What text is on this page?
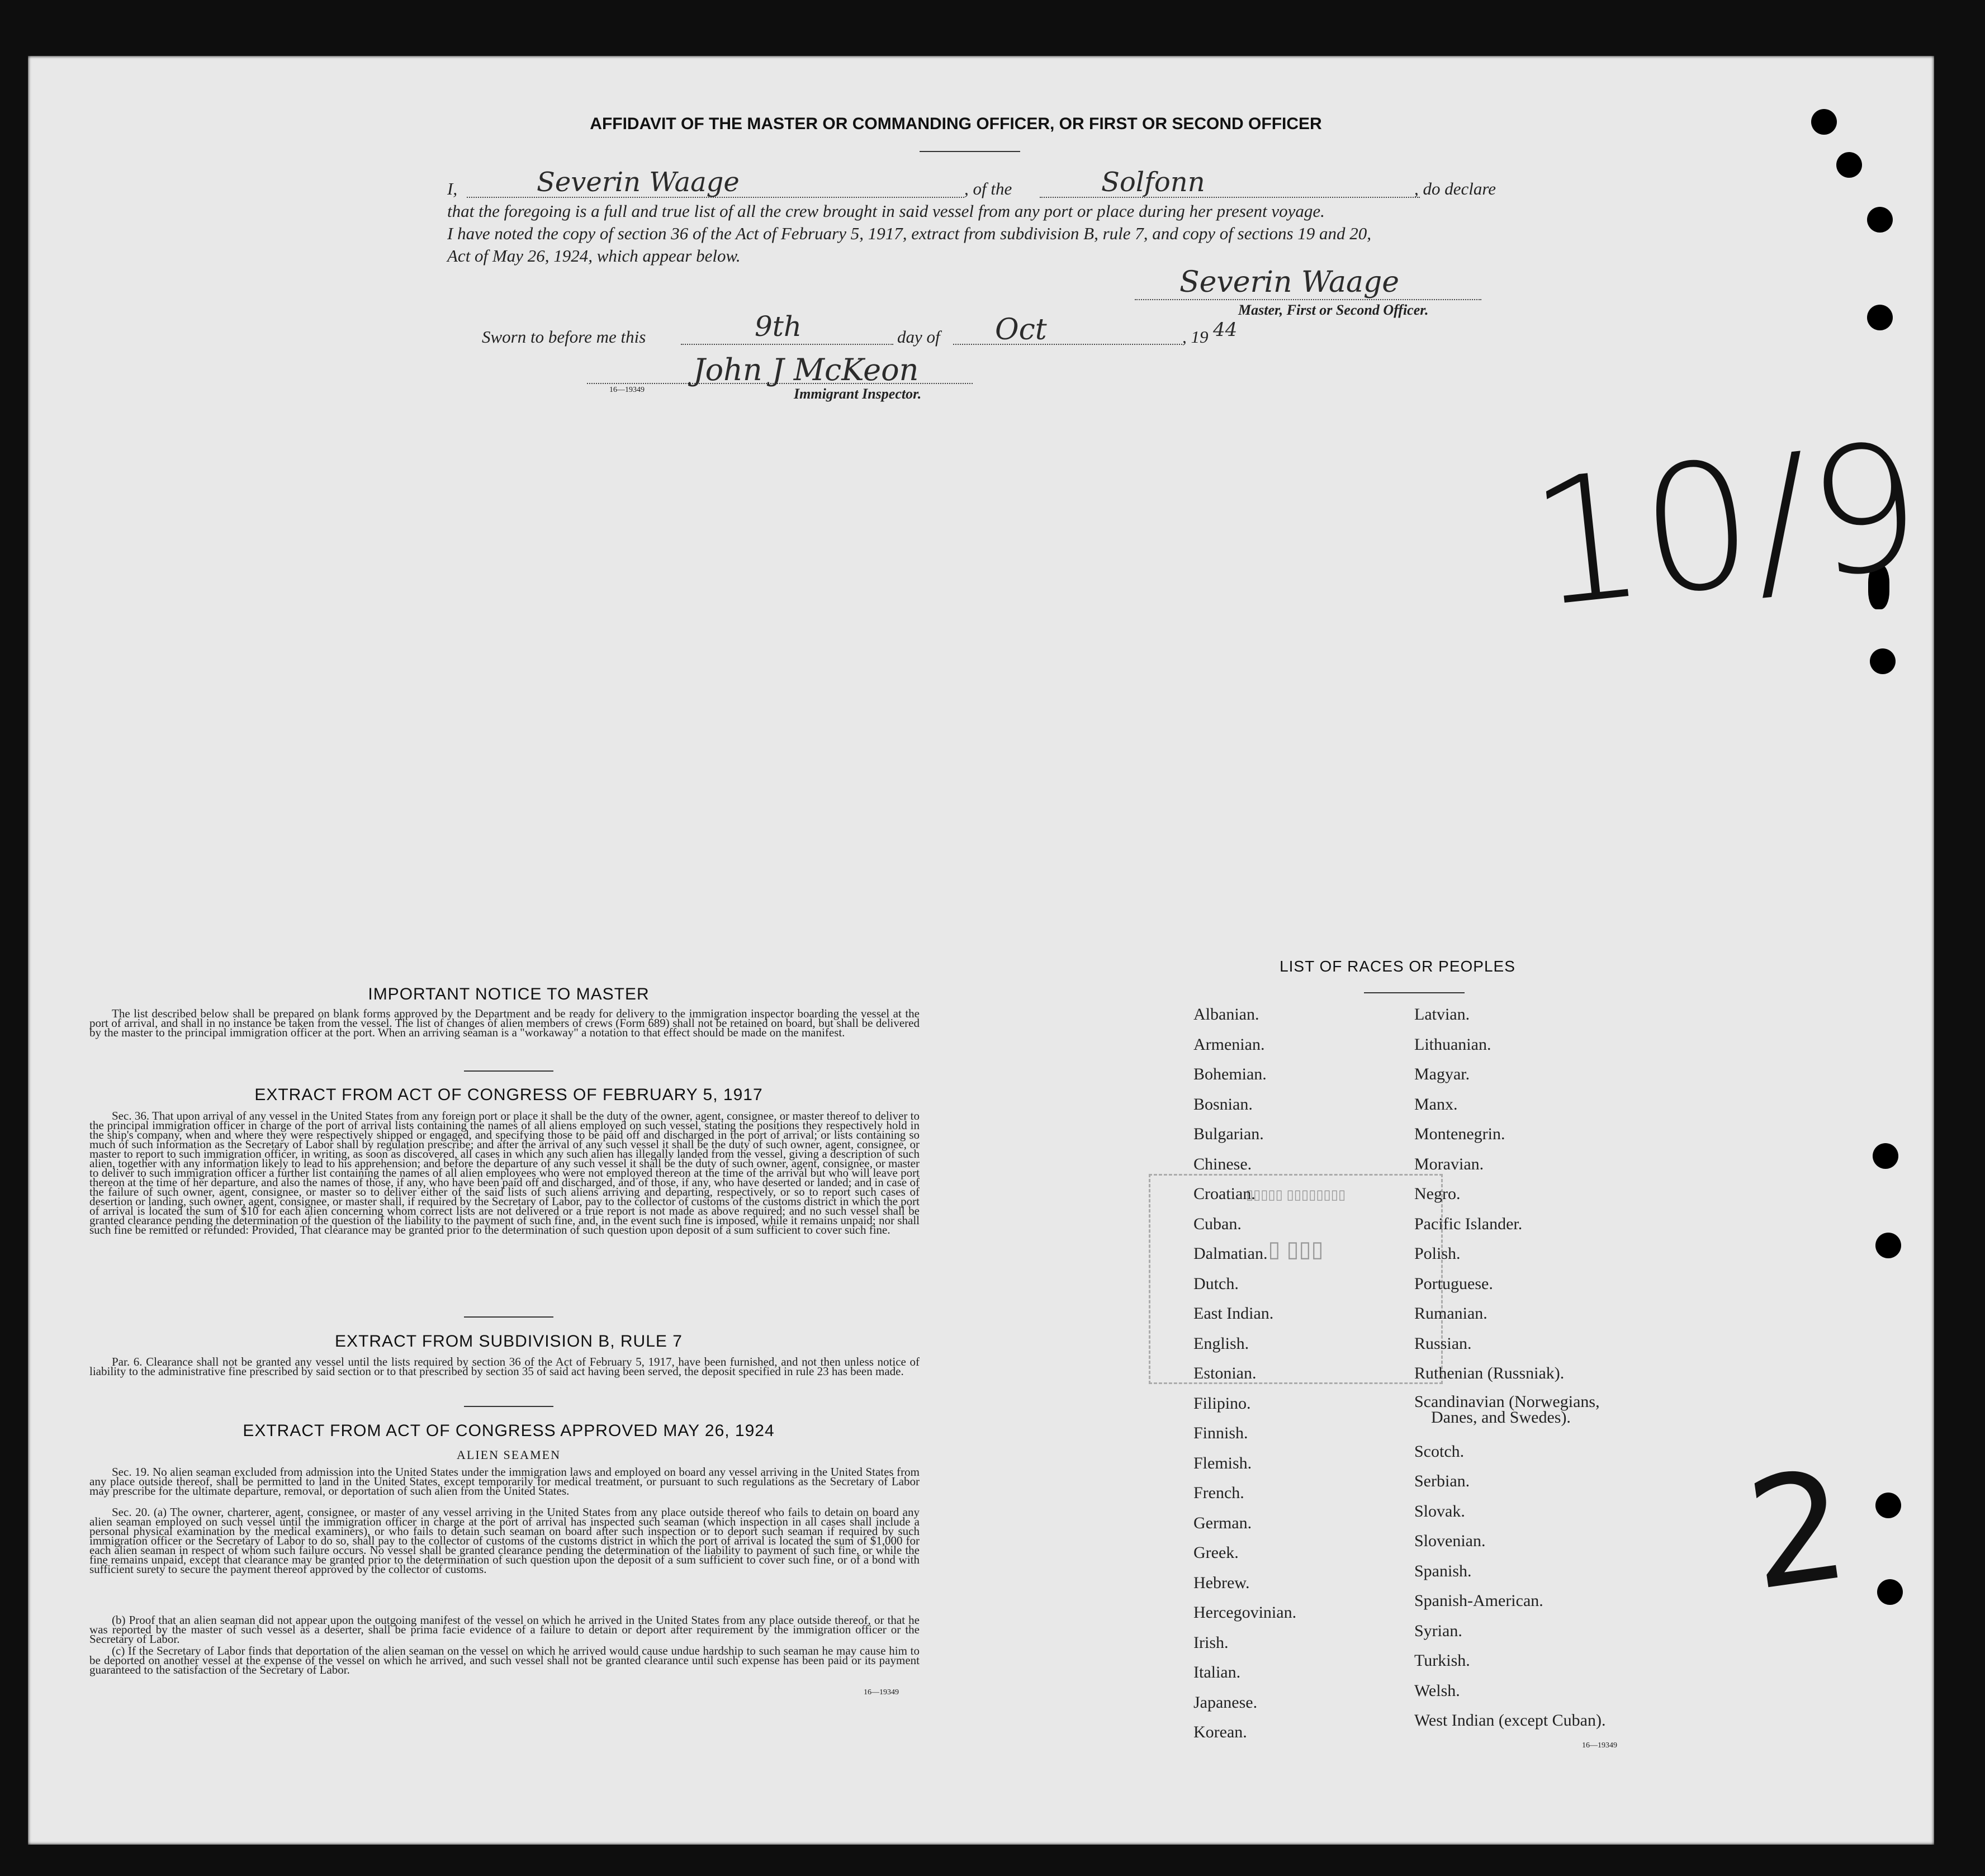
AFFIDAVIT OF THE MASTER OR COMMANDING OFFICER, OR FIRST OR SECOND OFFICER
I,	Severin Waage	, of the	Solfonn	, do declare
that the foregoing is a full and true list of all the crew brought in said vessel from any port or place during her present voyage.
I have noted the copy of section 36 of the Act of February 5, 1917, extract from subdivision B, rule 7, and copy of sections 19 and 20,
Act of May 26, 1924, which appear below.
Severin Waage
Master, First or Second Officer.
Sworn to before me this	9th	day of Oct	, 19 44
John J McKeon
16—19349	Immigrant Inspector.
10/9
2
▯▯▯▯▯ ▯▯▯▯▯▯▯▯
▯ ▯▯▯
IMPORTANT NOTICE TO MASTER
The list described below shall be prepared on blank forms approved by the Department and be ready for delivery to the immigration inspector boarding the vessel at the port of arrival, and shall in no instance be taken from the vessel. The list of changes of alien members of crews (Form 689) shall not be retained on board, but shall be delivered by the master to the principal immigration officer at the port. When an arriving seaman is a "workaway" a notation to that effect should be made on the manifest.
EXTRACT FROM ACT OF CONGRESS OF FEBRUARY 5, 1917
Sec. 36. That upon arrival of any vessel in the United States from any foreign port or place it shall be the duty of the owner, agent, consignee, or master thereof to deliver to the principal immigration officer in charge of the port of arrival lists containing the names of all aliens employed on such vessel, stating the positions they respectively hold in the ship's company, when and where they were respectively shipped or engaged, and specifying those to be paid off and discharged in the port of arrival; or lists containing so much of such information as the Secretary of Labor shall by regulation prescribe; and after the arrival of any such vessel it shall be the duty of such owner, agent, consignee, or master to report to such immigration officer, in writing, as soon as discovered, all cases in which any such alien has illegally landed from the vessel, giving a description of such alien, together with any information likely to lead to his apprehension; and before the departure of any such vessel it shall be the duty of such owner, agent, consignee, or master to deliver to such immigration officer a further list containing the names of all alien employees who were not employed thereon at the time of the arrival but who will leave port thereon at the time of her departure, and also the names of those, if any, who have been paid off and discharged, and of those, if any, who have deserted or landed; and in case of the failure of such owner, agent, consignee, or master so to deliver either of the said lists of such aliens arriving and departing, respectively, or so to report such cases of desertion or landing, such owner, agent, consignee, or master shall, if required by the Secretary of Labor, pay to the collector of customs of the customs district in which the port of arrival is located the sum of $10 for each alien concerning whom correct lists are not delivered or a true report is not made as above required; and no such vessel shall be granted clearance pending the determination of the question of the liability to the payment of such fine, and, in the event such fine is imposed, while it remains unpaid; nor shall such fine be remitted or refunded: Provided, That clearance may be granted prior to the determination of such question upon deposit of a sum sufficient to cover such fine.
EXTRACT FROM SUBDIVISION B, RULE 7
Par. 6. Clearance shall not be granted any vessel until the lists required by section 36 of the Act of February 5, 1917, have been furnished, and not then unless notice of liability to the administrative fine prescribed by said section or to that prescribed by section 35 of said act having been served, the deposit specified in rule 23 has been made.
EXTRACT FROM ACT OF CONGRESS APPROVED MAY 26, 1924
ALIEN SEAMEN
Sec. 19. No alien seaman excluded from admission into the United States under the immigration laws and employed on board any vessel arriving in the United States from any place outside thereof, shall be permitted to land in the United States, except temporarily for medical treatment, or pursuant to such regulations as the Secretary of Labor may prescribe for the ultimate departure, removal, or deportation of such alien from the United States.
Sec. 20. (a) The owner, charterer, agent, consignee, or master of any vessel arriving in the United States from any place outside thereof who fails to detain on board any alien seaman employed on such vessel until the immigration officer in charge at the port of arrival has inspected such seaman (which inspection in all cases shall include a personal physical examination by the medical examiners), or who fails to detain such seaman on board after such inspection or to deport such seaman if required by such immigration officer or the Secretary of Labor to do so, shall pay to the collector of customs of the customs district in which the port of arrival is located the sum of $1,000 for each alien seaman in respect of whom such failure occurs. No vessel shall be granted clearance pending the determination of the liability to payment of such fine, or while the fine remains unpaid, except that clearance may be granted prior to the determination of such question upon the deposit of a sum sufficient to cover such fine, or of a bond with sufficient surety to secure the payment thereof approved by the collector of customs.
(b) Proof that an alien seaman did not appear upon the outgoing manifest of the vessel on which he arrived in the United States from any place outside thereof, or that he was reported by the master of such vessel as a deserter, shall be prima facie evidence of a failure to detain or deport after requirement by the immigration officer or the Secretary of Labor.
(c) If the Secretary of Labor finds that deportation of the alien seaman on the vessel on which he arrived would cause undue hardship to such seaman he may cause him to be deported on another vessel at the expense of the vessel on which he arrived, and such vessel shall not be granted clearance until such expense has been paid or its payment guaranteed to the satisfaction of the Secretary of Labor.
16—19349
LIST OF RACES OR PEOPLES
Albanian.
Armenian.
Bohemian.
Bosnian.
Bulgarian.
Chinese.
Croatian.
Cuban.
Dalmatian.
Dutch.
East Indian.
English.
Estonian.
Filipino.
Finnish.
Flemish.
French.
German.
Greek.
Hebrew.
Hercegovinian.
Irish.
Italian.
Japanese.
Korean.
Latvian.
Lithuanian.
Magyar.
Manx.
Montenegrin.
Moravian.
Negro.
Pacific Islander.
Polish.
Portuguese.
Rumanian.
Russian.
Ruthenian (Russniak).
Scandinavian (Norwegians,
Danes, and Swedes).
Scotch.
Serbian.
Slovak.
Slovenian.
Spanish.
Spanish-American.
Syrian.
Turkish.
Welsh.
West Indian (except Cuban).
16—19349
